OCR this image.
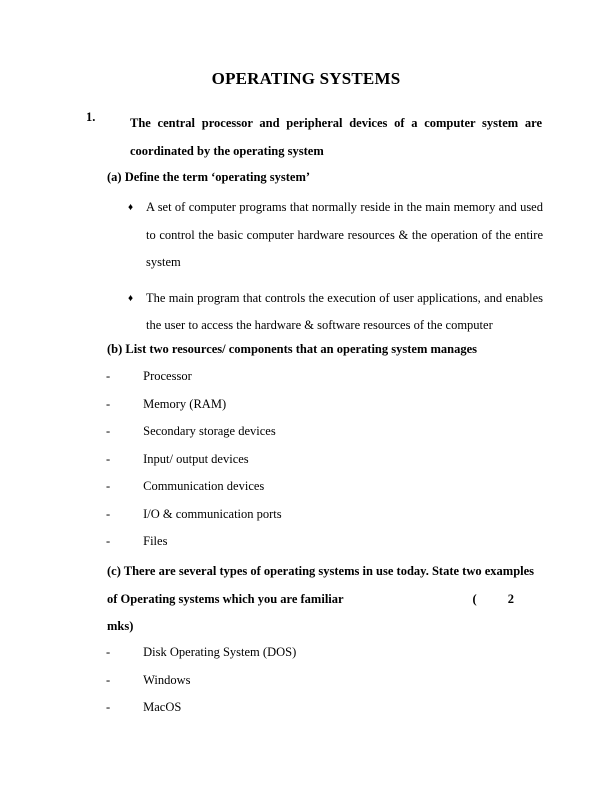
OPERATING SYSTEMS
1.	The central processor and peripheral devices of a computer system are coordinated by the operating system
(a) Define the term ‘operating system’
♦ A set of computer programs that normally reside in the main memory and used to control the basic computer hardware resources & the operation of the entire system
♦ The main program that controls the execution of user applications, and enables the user to access the hardware & software resources of the computer
(b) List two resources/ components that an operating system manages
-	Processor
-	Memory (RAM)
-	Secondary storage devices
-	Input/ output devices
-	Communication devices
-	I/O & communication ports
-	Files
(c) There are several types of operating systems in use today. State two examples of Operating systems which you are familiar	( 2 mks)
-	Disk Operating System (DOS)
-	Windows
-	MacOS
